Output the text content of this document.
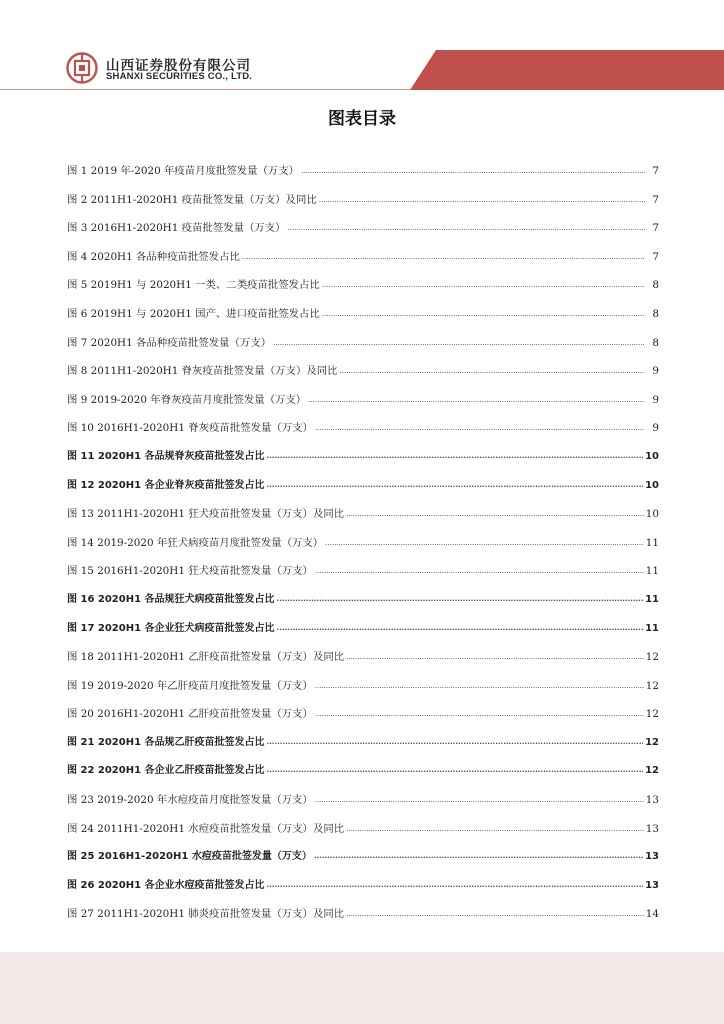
山西证券股份有限公司
SHANXI SECURITIES CO., LTD.
图表目录
图 1 2019 年-2020 年疫苗月度批签发量（万支） .....	7
图 2 2011H1-2020H1 疫苗批签发量（万支）及同比 .....	7
图 3 2016H1-2020H1 疫苗批签发量（万支） .....	7
图 4 2020H1 各品种疫苗批签发占比 .....	7
图 5 2019H1 与 2020H1 一类、二类疫苗批签发占比 .....	8
图 6 2019H1 与 2020H1 国产、进口疫苗批签发占比 .....	8
图 7 2020H1 各品种疫苗批签发量（万支） .....	8
图 8 2011H1-2020H1 脊灰疫苗批签发量（万支）及同比 .....	9
图 9 2019-2020 年脊灰疫苗月度批签发量（万支） .....	9
图 10 2016H1-2020H1 脊灰疫苗批签发量（万支） .....	9
图 11 2020H1 各品规脊灰疫苗批签发占比 .....	10
图 12 2020H1 各企业脊灰疫苗批签发占比 .....	10
图 13 2011H1-2020H1 狂犬疫苗批签发量（万支）及同比 .....	10
图 14 2019-2020 年狂犬病疫苗月度批签发量（万支） .....	11
图 15 2016H1-2020H1 狂犬疫苗批签发量（万支） .....	11
图 16 2020H1 各品规狂犬病疫苗批签发占比 .....	11
图 17 2020H1 各企业狂犬病疫苗批签发占比 .....	11
图 18 2011H1-2020H1 乙肝疫苗批签发量（万支）及同比 .....	12
图 19 2019-2020 年乙肝疫苗月度批签发量（万支） .....	12
图 20 2016H1-2020H1 乙肝疫苗批签发量（万支） .....	12
图 21 2020H1 各品规乙肝疫苗批签发占比 .....	12
图 22 2020H1 各企业乙肝疫苗批签发占比 .....	12
图 23 2019-2020 年水痘疫苗月度批签发量（万支） .....	13
图 24 2011H1-2020H1 水痘疫苗批签发量（万支）及同比 .....	13
图 25 2016H1-2020H1 水痘疫苗批签发量（万支） .....	13
图 26 2020H1 各企业水痘疫苗批签发占比 .....	13
图 27 2011H1-2020H1 肺炎疫苗批签发量（万支）及同比 .....	14
